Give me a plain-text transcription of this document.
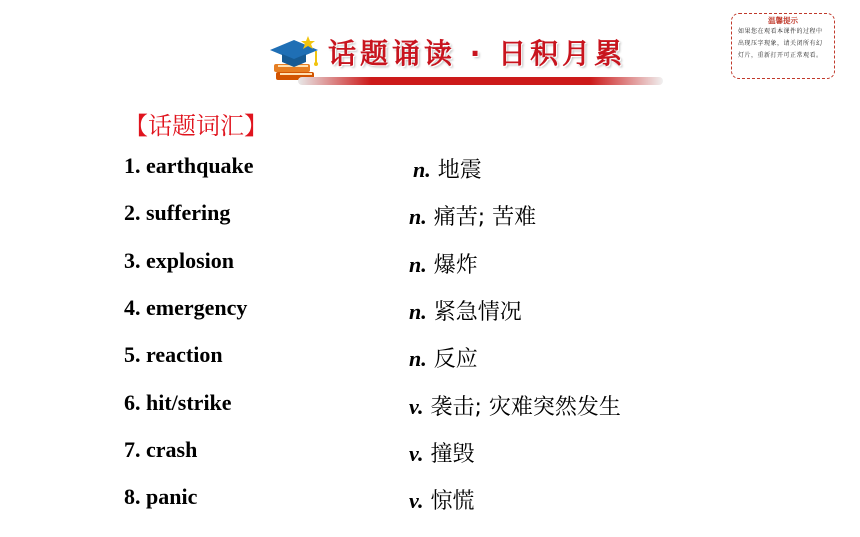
话题诵读 · 日积月累
温馨提示
如果您在观看本课件的过程中出现压字现象，请关闭所有幻灯片，重新打开可正常观看。
【话题词汇】
1. earthquake	n. 地震
2. suffering	n. 痛苦; 苦难
3. explosion	n. 爆炸
4. emergency	n. 紧急情况
5. reaction	n. 反应
6. hit/strike	v. 袭击; 灾难突然发生
7. crash	v. 撞毁
8. panic	v. 惊慌
